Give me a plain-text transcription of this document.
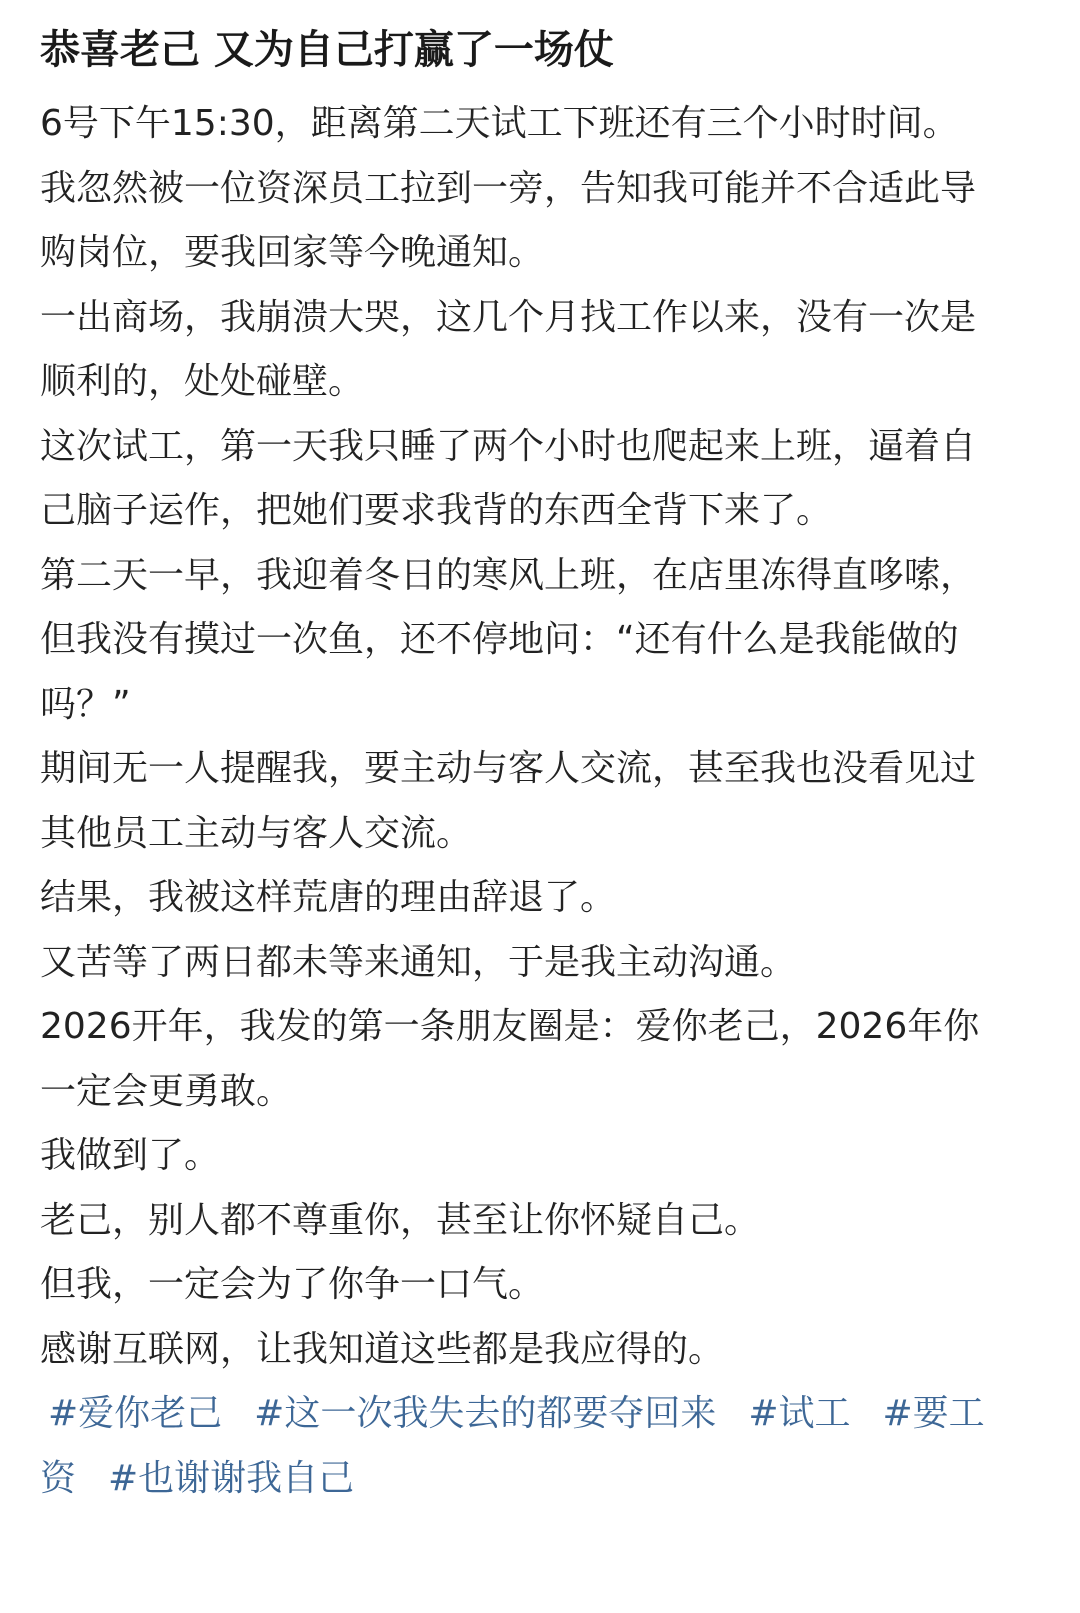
恭喜老己 又为自己打赢了一场仗

6号下午15:30，距离第二天试工下班还有三个小时时间。

我忽然被一位资深员工拉到一旁，告知我可能并不合适此导购岗位，要我回家等今晚通知。

一出商场，我崩溃大哭，这几个月找工作以来，没有一次是顺利的，处处碰壁。

这次试工，第一天我只睡了两个小时也爬起来上班，逼着自己脑子运作，把她们要求我背的东西全背下来了。

第二天一早，我迎着冬日的寒风上班，在店里冻得直哆嗦，但我没有摸过一次鱼，还不停地问：“还有什么是我能做的吗？”

期间无一人提醒我，要主动与客人交流，甚至我也没看见过其他员工主动与客人交流。

结果，我被这样荒唐的理由辞退了。

又苦等了两日都未等来通知，于是我主动沟通。

2026开年，我发的第一条朋友圈是：爱你老己，2026年你一定会更勇敢。

我做到了。

老己，别人都不尊重你，甚至让你怀疑自己。

但我，一定会为了你争一口气。

感谢互联网，让我知道这些都是我应得的。

#爱你老己 #这一次我失去的都要夺回来 #试工 #要工资 #也谢谢我自己
